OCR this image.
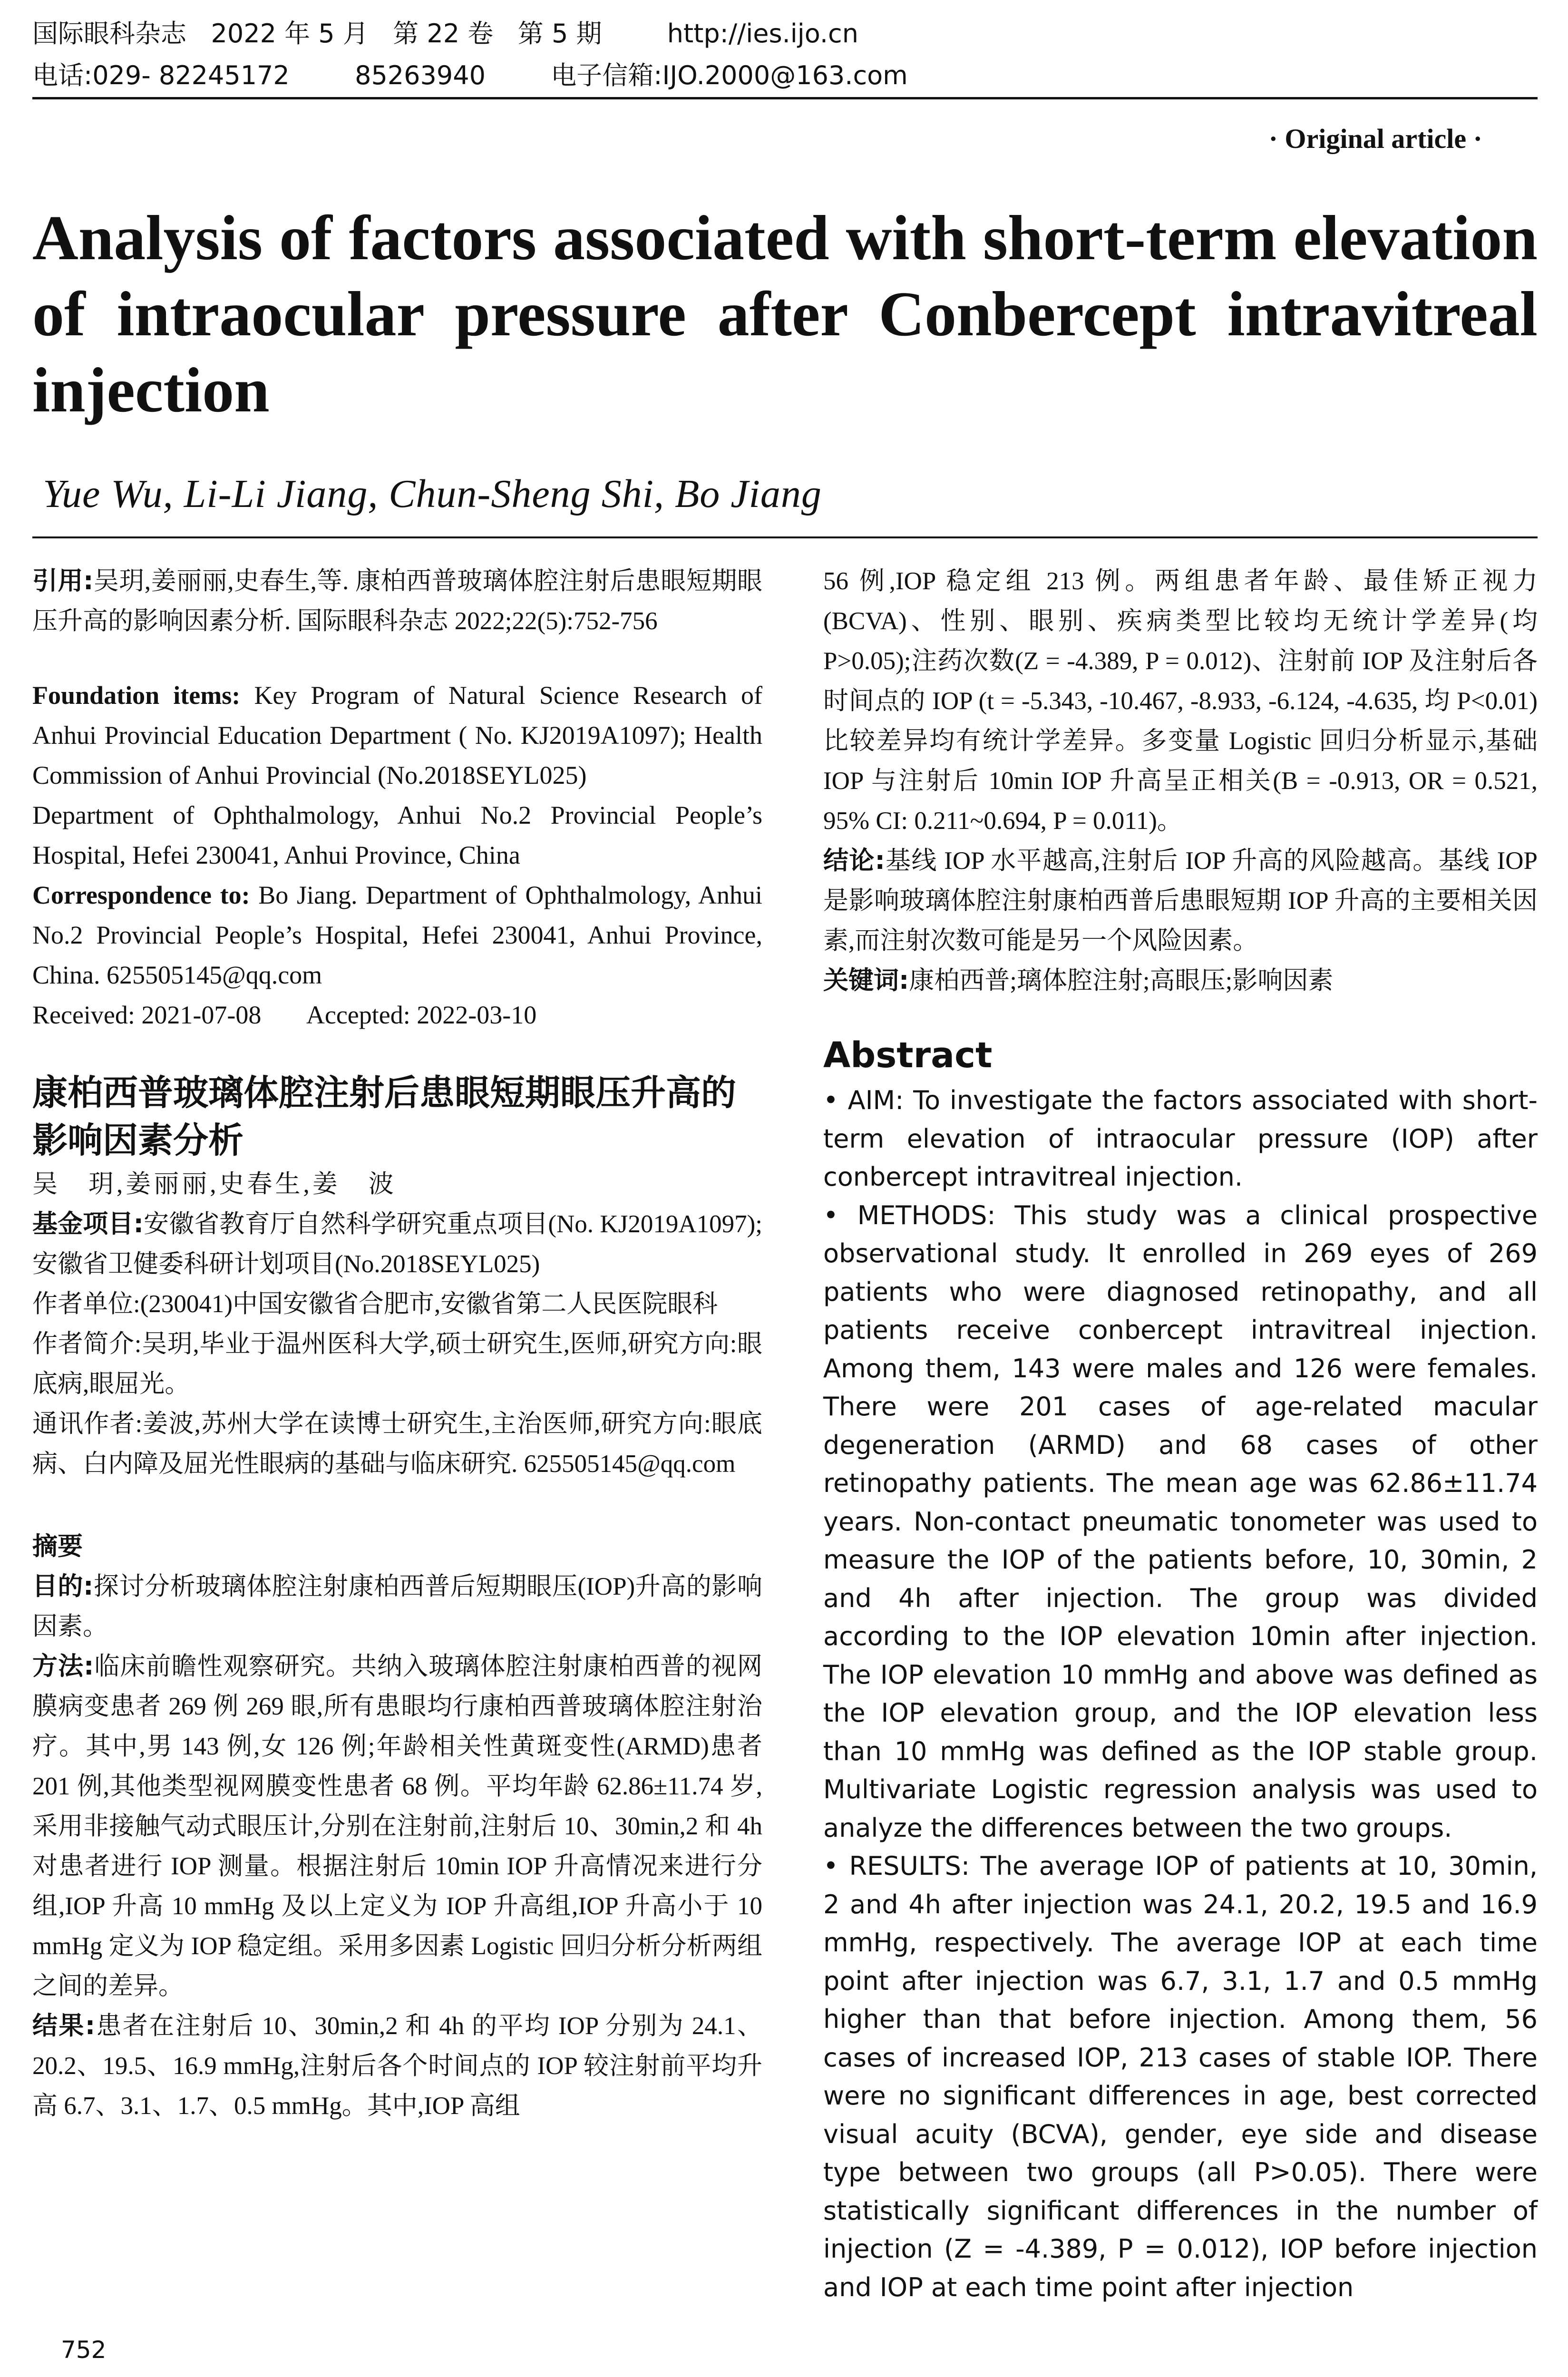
国际眼科杂志   2022 年 5 月   第 22 卷   第 5 期        http://ies.ijo.cn
电话:029- 82245172        85263940        电子信箱:IJO.2000@163.com
· Original article ·
Analysis of factors associated with short-term elevation
of intraocular pressure after Conbercept intravitreal
injection
Yue Wu, Li-Li Jiang, Chun-Sheng Shi, Bo Jiang
引用:吴玥,姜丽丽,史春生,等. 康柏西普玻璃体腔注射后患眼短期眼压升高的影响因素分析. 国际眼科杂志 2022;22(5):752-756
Foundation items: Key Program of Natural Science Research of Anhui Provincial Education Department ( No. KJ2019A1097); Health Commission of Anhui Provincial (No.2018SEYL025)
Department of Ophthalmology, Anhui No.2 Provincial People’s Hospital, Hefei 230041, Anhui Province, China
Correspondence to: Bo Jiang. Department of Ophthalmology, Anhui No.2 Provincial People’s Hospital, Hefei 230041, Anhui Province, China. 625505145@qq.com
Received: 2021-07-08 Accepted: 2022-03-10
康柏西普玻璃体腔注射后患眼短期眼压升高的影响因素分析
吴　玥,姜丽丽,史春生,姜　波
基金项目:安徽省教育厅自然科学研究重点项目(No. KJ2019A1097);安徽省卫健委科研计划项目(No.2018SEYL025)
作者单位:(230041)中国安徽省合肥市,安徽省第二人民医院眼科
作者简介:吴玥,毕业于温州医科大学,硕士研究生,医师,研究方向:眼底病,眼屈光。
通讯作者:姜波,苏州大学在读博士研究生,主治医师,研究方向:眼底病、白内障及屈光性眼病的基础与临床研究. 625505145@qq.com
摘要
目的:探讨分析玻璃体腔注射康柏西普后短期眼压(IOP)升高的影响因素。
方法:临床前瞻性观察研究。共纳入玻璃体腔注射康柏西普的视网膜病变患者 269 例 269 眼,所有患眼均行康柏西普玻璃体腔注射治疗。其中,男 143 例,女 126 例;年龄相关性黄斑变性(ARMD)患者 201 例,其他类型视网膜变性患者 68 例。平均年龄 62.86±11.74 岁,采用非接触气动式眼压计,分别在注射前,注射后 10、30min,2 和 4h 对患者进行 IOP 测量。根据注射后 10min IOP 升高情况来进行分组,IOP 升高 10 mmHg 及以上定义为 IOP 升高组,IOP 升高小于 10 mmHg 定义为 IOP 稳定组。采用多因素 Logistic 回归分析分析两组之间的差异。
结果:患者在注射后 10、30min,2 和 4h 的平均 IOP 分别为 24.1、20.2、19.5、16.9 mmHg,注射后各个时间点的 IOP 较注射前平均升高 6.7、3.1、1.7、0.5 mmHg。其中,IOP 高组
56 例,IOP 稳定组 213 例。两组患者年龄、最佳矫正视力(BCVA)、性别、眼别、疾病类型比较均无统计学差异(均 P>0.05);注药次数(Z = -4.389, P = 0.012)、注射前 IOP 及注射后各时间点的 IOP (t = -5.343, -10.467, -8.933, -6.124, -4.635, 均 P<0.01)比较差异均有统计学差异。多变量 Logistic 回归分析显示,基础 IOP 与注射后 10min IOP 升高呈正相关(B = -0.913, OR = 0.521, 95% CI: 0.211~0.694, P = 0.011)。
结论:基线 IOP 水平越高,注射后 IOP 升高的风险越高。基线 IOP 是影响玻璃体腔注射康柏西普后患眼短期 IOP 升高的主要相关因素,而注射次数可能是另一个风险因素。
关键词:康柏西普;璃体腔注射;高眼压;影响因素
Abstract

• AIM: To investigate the factors associated with short-term elevation of intraocular pressure (IOP) after conbercept intravitreal injection.

• METHODS: This study was a clinical prospective observational study. It enrolled in 269 eyes of 269 patients who were diagnosed retinopathy, and all patients receive conbercept intravitreal injection. Among them, 143 were males and 126 were females. There were 201 cases of age-related macular degeneration (ARMD) and 68 cases of other retinopathy patients. The mean age was 62.86±11.74 years. Non-contact pneumatic tonometer was used to measure the IOP of the patients before, 10, 30min, 2 and 4h after injection. The group was divided according to the IOP elevation 10min after injection. The IOP elevation 10 mmHg and above was defined as the IOP elevation group, and the IOP elevation less than 10 mmHg was defined as the IOP stable group. Multivariate Logistic regression analysis was used to analyze the differences between the two groups.

• RESULTS: The average IOP of patients at 10, 30min, 2 and 4h after injection was 24.1, 20.2, 19.5 and 16.9 mmHg, respectively. The average IOP at each time point after injection was 6.7, 3.1, 1.7 and 0.5 mmHg higher than that before injection. Among them, 56 cases of increased IOP, 213 cases of stable IOP. There were no significant differences in age, best corrected visual acuity (BCVA), gender, eye side and disease type between two groups (all P>0.05). There were statistically significant differences in the number of injection (Z = -4.389, P = 0.012), IOP before injection and IOP at each time point after injection

752
